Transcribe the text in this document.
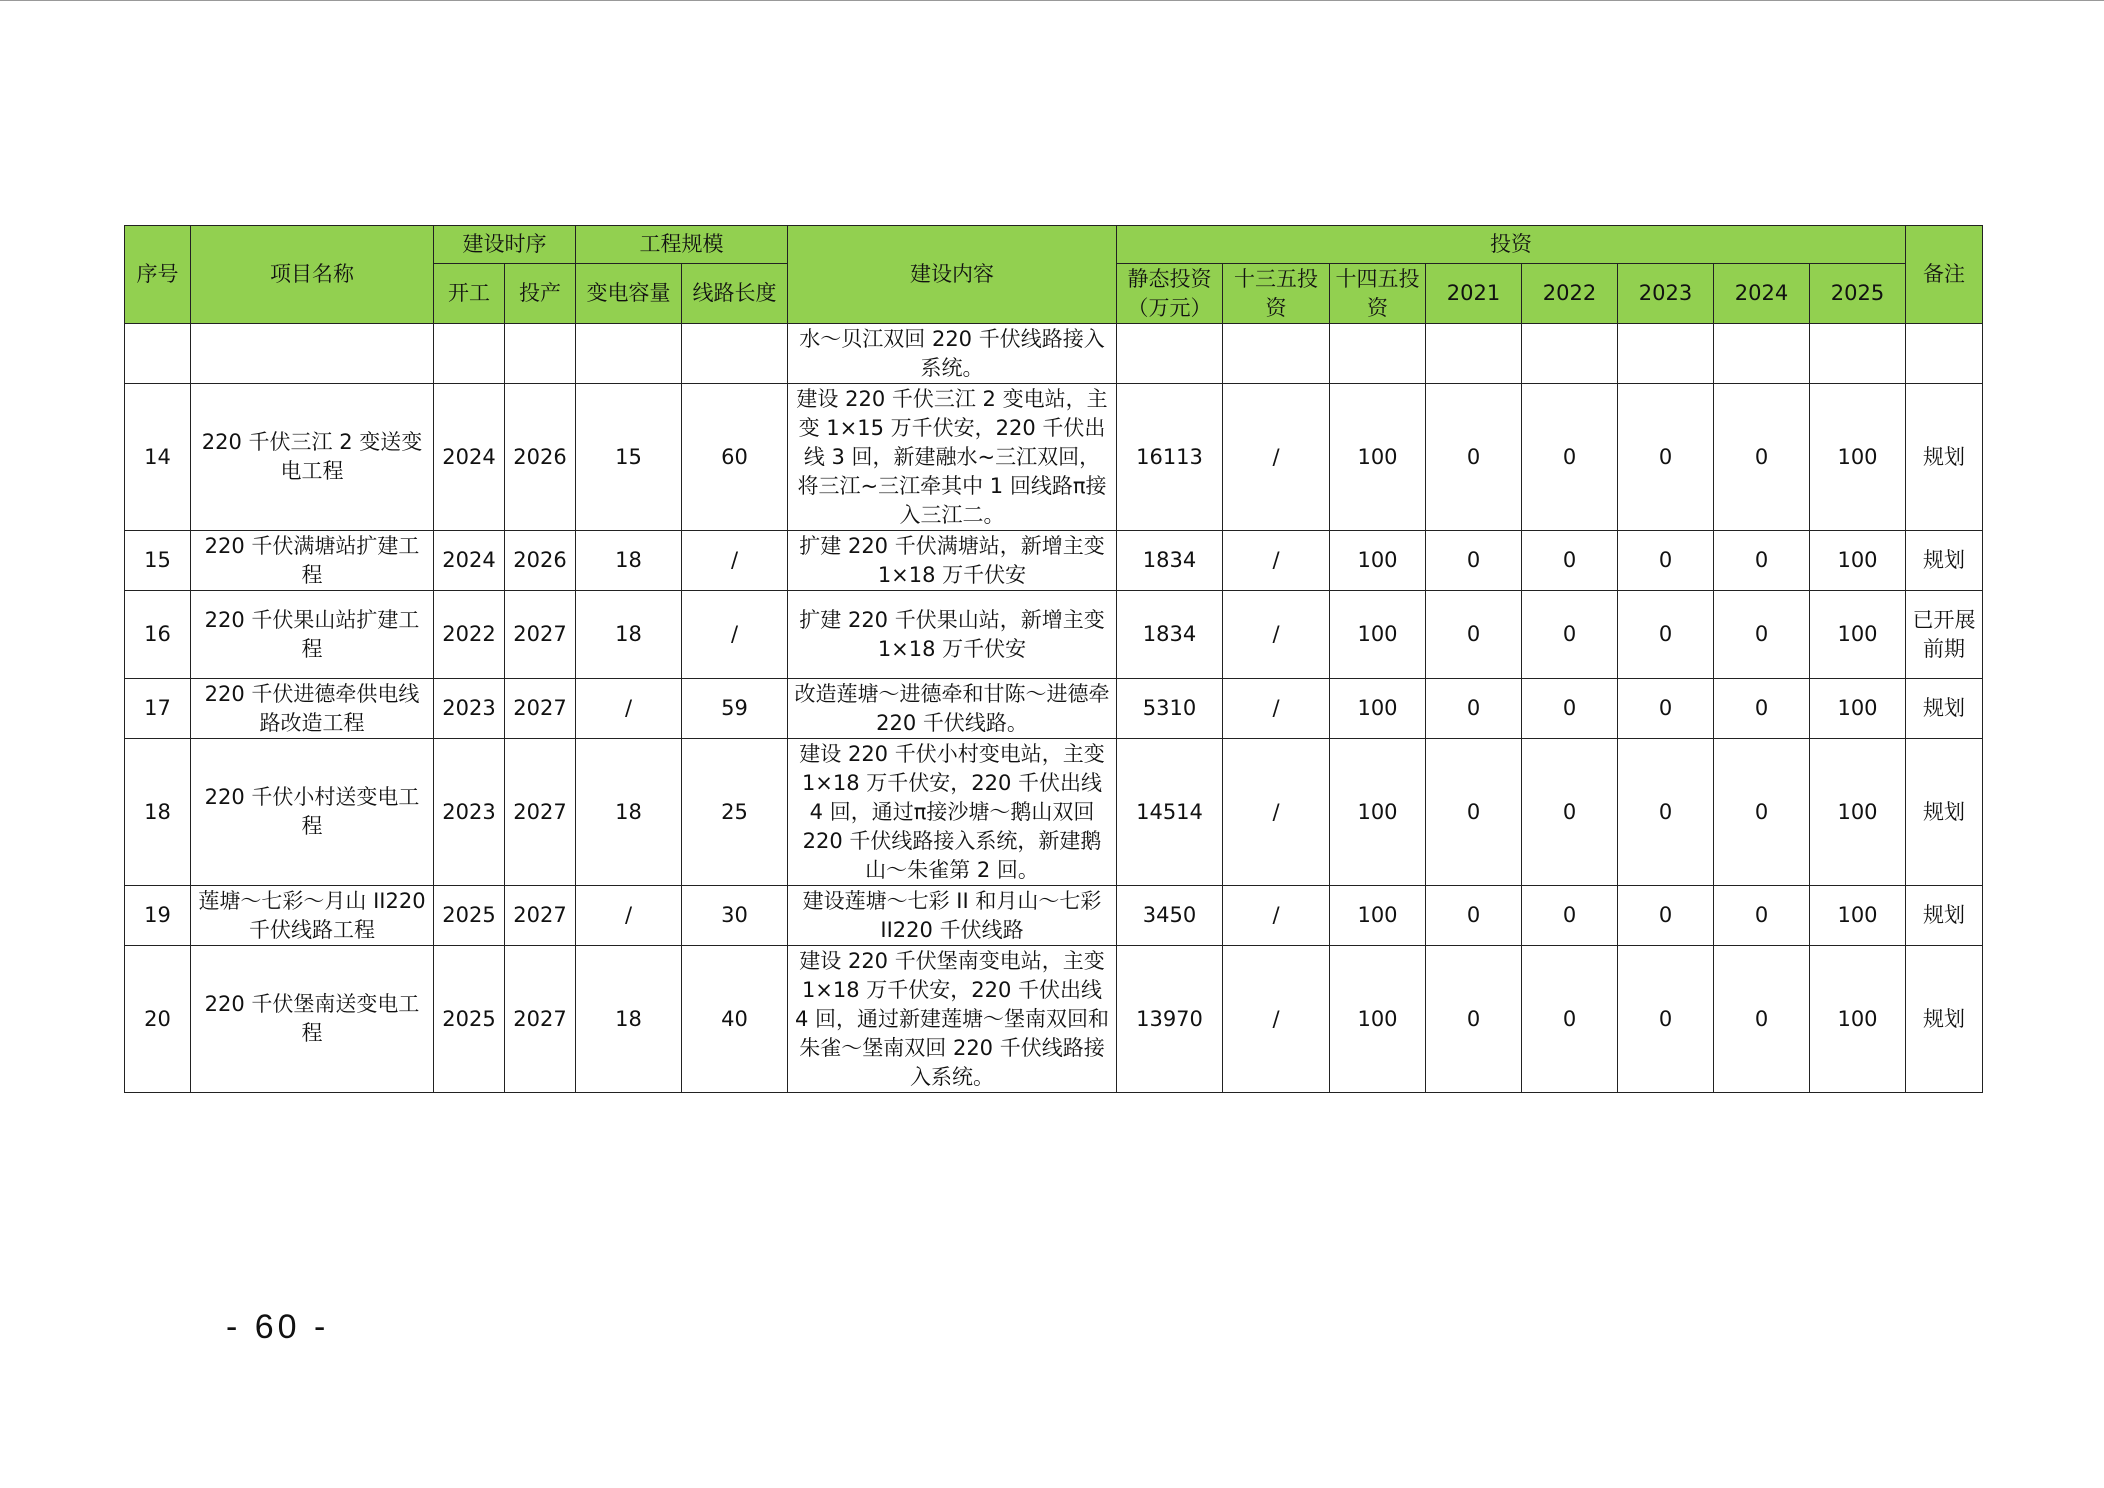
序号	项目名称	建设时序		工程规模		建设内容	投资								备注
		开工	投产	变电容量	线路长度		静态投资（万元）	十三五投资	十四五投资	2021	2022	2023	2024	2025	
						水～贝江双回 220 千伏线路接入系统。									
14	220 千伏三江 2 变送变电工程	2024	2026	15	60	建设 220 千伏三江 2 变电站，主变 1×15 万千伏安，220 千伏出线 3 回，新建融水~三江双回，将三江~三江牵其中 1 回线路π接入三江二。	16113	/	100	0	0	0	0	100	规划
15	220 千伏满塘站扩建工程	2024	2026	18	/	扩建 220 千伏满塘站，新增主变 1×18 万千伏安	1834	/	100	0	0	0	0	100	规划
16	220 千伏果山站扩建工程	2022	2027	18	/	扩建 220 千伏果山站，新增主变 1×18 万千伏安	1834	/	100	0	0	0	0	100	已开展前期
17	220 千伏进德牵供电线路改造工程	2023	2027	/	59	改造莲塘～进德牵和甘陈～进德牵 220 千伏线路。	5310	/	100	0	0	0	0	100	规划
18	220 千伏小村送变电工程	2023	2027	18	25	建设 220 千伏小村变电站，主变 1×18 万千伏安，220 千伏出线 4 回，通过π接沙塘～鹅山双回 220 千伏线路接入系统，新建鹅山～朱雀第 2 回。	14514	/	100	0	0	0	0	100	规划
19	莲塘～七彩～月山 II220 千伏线路工程	2025	2027	/	30	建设莲塘～七彩 II 和月山～七彩 II220 千伏线路	3450	/	100	0	0	0	0	100	规划
20	220 千伏堡南送变电工程	2025	2027	18	40	建设 220 千伏堡南变电站，主变 1×18 万千伏安，220 千伏出线 4 回，通过新建莲塘～堡南双回和朱雀～堡南双回 220 千伏线路接入系统。	13970	/	100	0	0	0	0	100	规划
- 60 -
